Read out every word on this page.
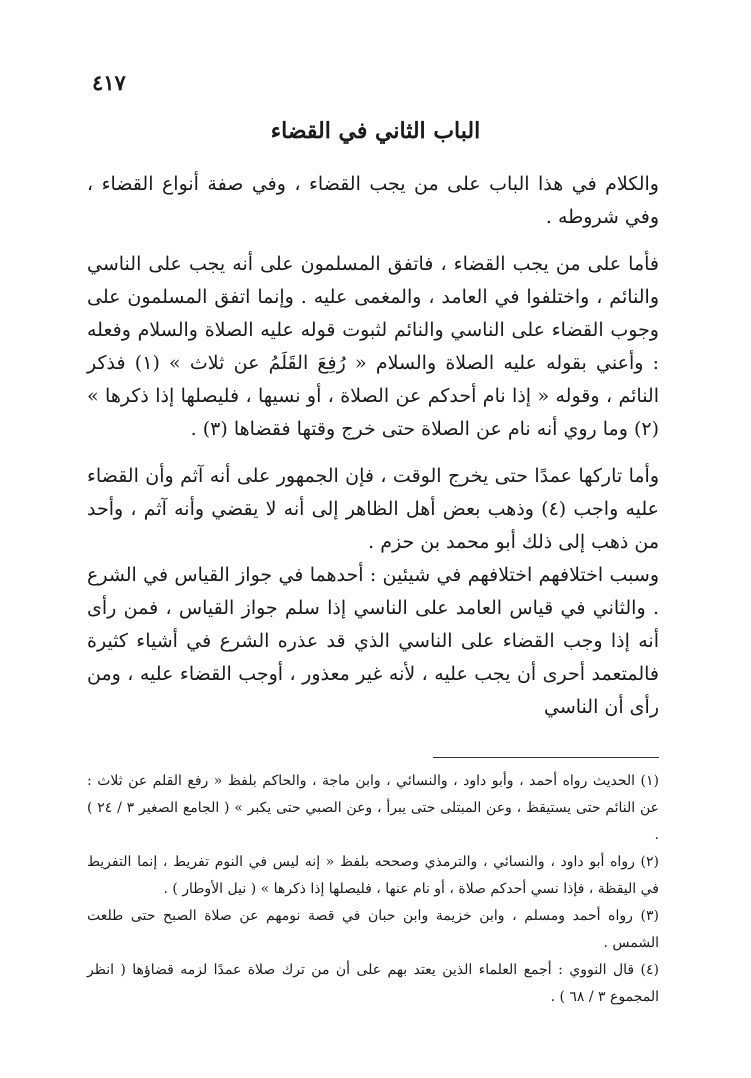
٤١٧
الباب الثاني في القضاء

والكلام في هذا الباب على من يجب القضاء ، وفي صفة أنواع القضاء ، وفي شروطه .

فأما على من يجب القضاء ، فاتفق المسلمون على أنه يجب على الناسي والنائم ، واختلفوا في العامد ، والمغمى عليه . وإنما اتفق المسلمون على وجوب القضاء على الناسي والنائم لثبوت قوله عليه الصلاة والسلام وفعله : وأعني بقوله عليه الصلاة والسلام « رُفِعَ القَلَمُ عن ثلاث » (١) فذكر النائم ، وقوله « إذا نام أحدكم عن الصلاة ، أو نسيها ، فليصلها إذا ذكرها » (٢) وما روي أنه نام عن الصلاة حتى خرج وقتها فقضاها (٣) .

وأما تاركها عمدًا حتى يخرج الوقت ، فإن الجمهور على أنه آثم وأن القضاء عليه واجب (٤) وذهب بعض أهل الظاهر إلى أنه لا يقضي وأنه آثم ، وأحد من ذهب إلى ذلك أبو محمد بن حزم .

وسبب اختلافهم اختلافهم في شيئين : أحدهما في جواز القياس في الشرع . والثاني في قياس العامد على الناسي إذا سلم جواز القياس ، فمن رأى أنه إذا وجب القضاء على الناسي الذي قد عذره الشرع في أشياء كثيرة فالمتعمد أحرى أن يجب عليه ، لأنه غير معذور ، أوجب القضاء عليه ، ومن رأى أن الناسي

(١) الحديث رواه أحمد ، وأبو داود ، والنسائي ، وابن ماجة ، والحاكم بلفظ « رفع القلم عن ثلاث : عن النائم حتى يستيقظ ، وعن المبتلى حتى يبرأ ، وعن الصبي حتى يكبر » ( الجامع الصغير ٣ / ٢٤ ) .

(٢) رواه أبو داود ، والنسائي ، والترمذي وصححه بلفظ « إنه ليس في النوم تفريط ، إنما التفريط في اليقظة ، فإذا نسي أحدكم صلاة ، أو نام عنها ، فليصلها إذا ذكرها » ( نيل الأوطار ) .

(٣) رواه أحمد ومسلم ، وابن خزيمة وابن حبان في قصة نومهم عن صلاة الصبح حتى طلعت الشمس .

(٤) قال النووي : أجمع العلماء الذين يعتد بهم على أن من ترك صلاة عمدًا لزمه قضاؤها ( انظر المجموع ٣ / ٦٨ ) .
